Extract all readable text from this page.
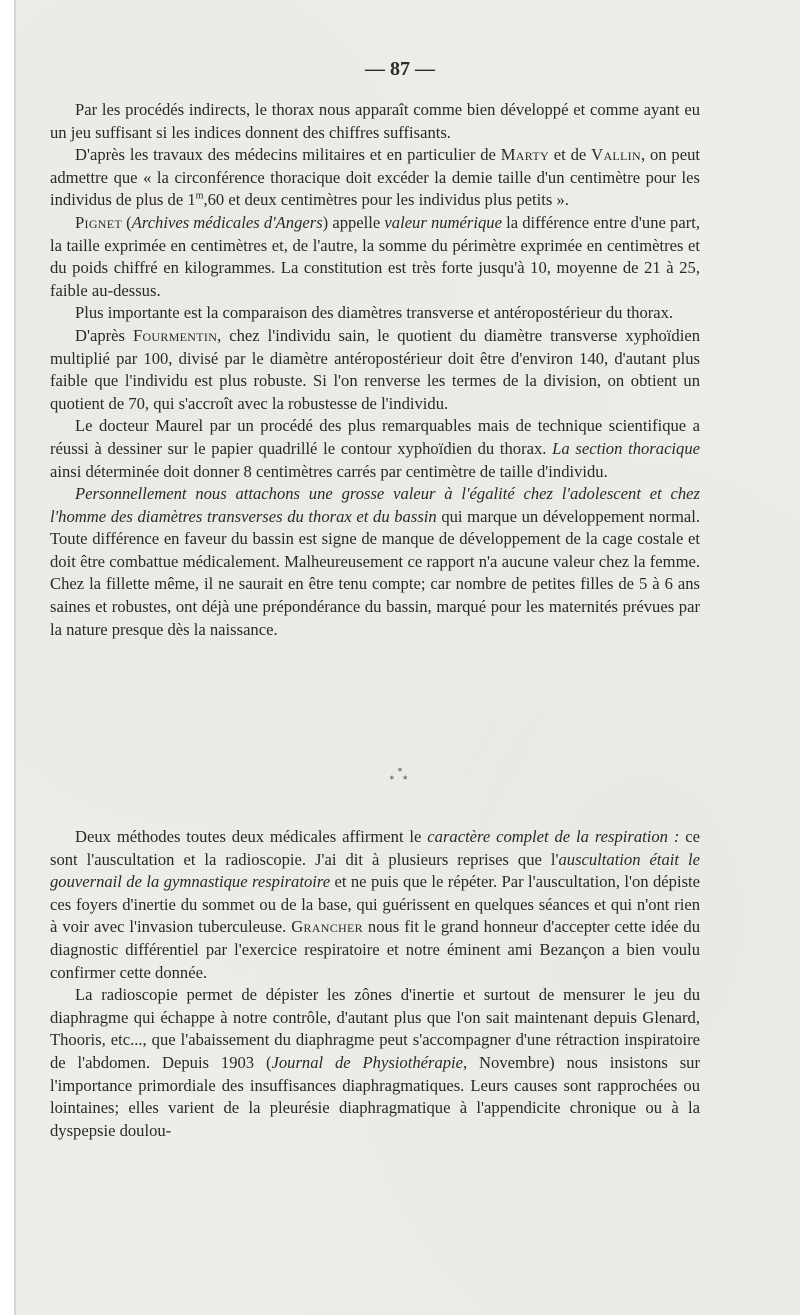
— 87 —

Par les procédés indirects, le thorax nous apparaît comme bien développé et comme ayant eu un jeu suffisant si les indices donnent des chiffres suffisants.

D'après les travaux des médecins militaires et en particulier de Marty et de Vallin, on peut admettre que « la circonférence thoracique doit excéder la demie taille d'un centimètre pour les individus de plus de 1$^m$,60 et deux centimètres pour les individus plus petits ».

Pignet (Archives médicales d'Angers) appelle valeur numérique la différence entre d'une part, la taille exprimée en centimètres et, de l'autre, la somme du périmètre exprimée en centimètres et du poids chiffré en kilogrammes. La constitution est très forte jusqu'à 10, moyenne de 21 à 25, faible au-dessus.

Plus importante est la comparaison des diamètres transverse et antéropostérieur du thorax.

D'après Fourmentin, chez l'individu sain, le quotient du diamètre transverse xyphoïdien multiplié par 100, divisé par le diamètre antéropostérieur doit être d'environ 140, d'autant plus faible que l'individu est plus robuste. Si l'on renverse les termes de la division, on obtient un quotient de 70, qui s'accroît avec la robustesse de l'individu.

Le docteur Maurel par un procédé des plus remarquables mais de technique scientifique a réussi à dessiner sur le papier quadrillé le contour xyphoïdien du thorax. La section thoracique ainsi déterminée doit donner 8 centimètres carrés par centimètre de taille d'individu.

Personnellement nous attachons une grosse valeur à l'égalité chez l'adolescent et chez l'homme des diamètres transverses du thorax et du bassin qui marque un développement normal. Toute différence en faveur du bassin est signe de manque de développement de la cage costale et doit être combattue médicalement. Malheureusement ce rapport n'a aucune valeur chez la femme. Chez la fillette même, il ne saurait en être tenu compte; car nombre de petites filles de 5 à 6 ans saines et robustes, ont déjà une prépondérance du bassin, marqué pour les maternités prévues par la nature presque dès la naissance.

*
* *

Deux méthodes toutes deux médicales affirment le caractère complet de la respiration : ce sont l'auscultation et la radioscopie. J'ai dit à plusieurs reprises que l'auscultation était le gouvernail de la gymnastique respiratoire et ne puis que le répéter. Par l'auscultation, l'on dépiste ces foyers d'inertie du sommet ou de la base, qui guérissent en quelques séances et qui n'ont rien à voir avec l'invasion tuberculeuse. Grancher nous fit le grand honneur d'accepter cette idée du diagnostic différentiel par l'exercice respiratoire et notre éminent ami Bezançon a bien voulu confirmer cette donnée.

La radioscopie permet de dépister les zônes d'inertie et surtout de mensurer le jeu du diaphragme qui échappe à notre contrôle, d'autant plus que l'on sait maintenant depuis Glenard, Thooris, etc..., que l'abaissement du diaphragme peut s'accompagner d'une rétraction inspiratoire de l'abdomen. Depuis 1903 (Journal de Physiothérapie, Novembre) nous insistons sur l'importance primordiale des insuffisances diaphragmatiques. Leurs causes sont rapprochées ou lointaines; elles varient de la pleurésie diaphragmatique à l'appendicite chronique ou à la dyspepsie doulou-
